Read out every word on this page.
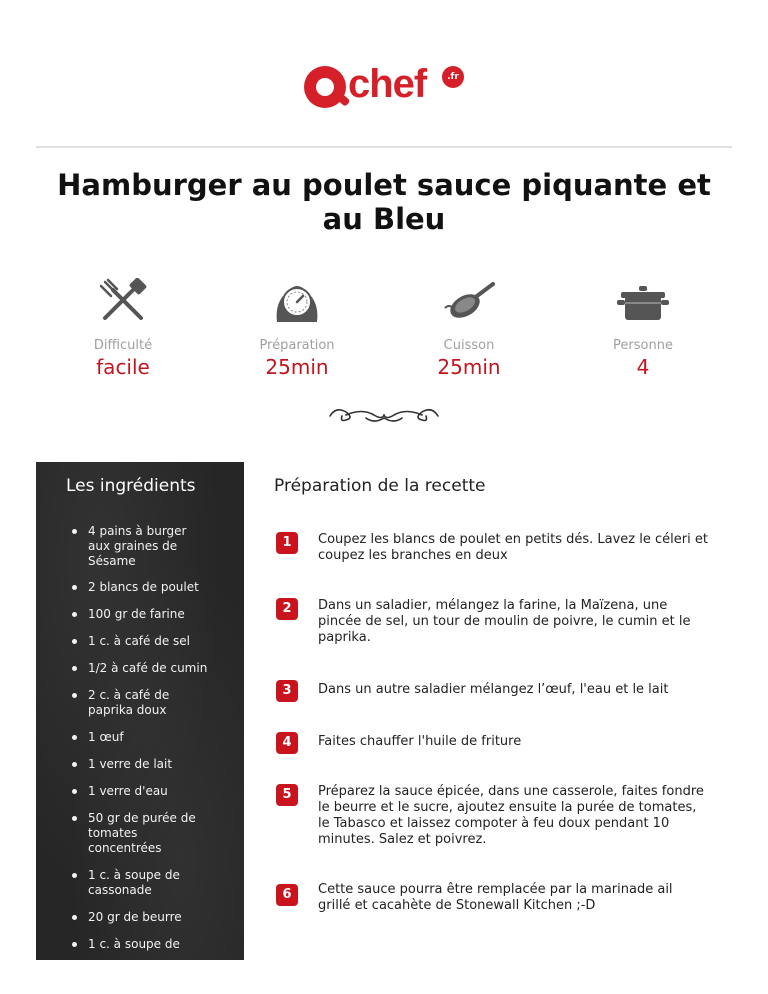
chef	.fr
Hamburger au poulet sauce piquante et au Bleu
Difficulté
facile
Préparation
25min
Cuisson
25min
Personne
4
Les ingrédients
4 pains à burger aux graines de Sésame
2 blancs de poulet
100 gr de farine
1 c. à café de sel
1/2 à café de cumin
2 c. à café de paprika doux
1 œuf
1 verre de lait
1 verre d'eau
50 gr de purée de tomates concentrées
1 c. à soupe de cassonade
20 gr de beurre
1 c. à soupe de
Préparation de la recette
1	Coupez les blancs de poulet en petits dés. Lavez le céleri et coupez les branches en deux
2	Dans un saladier, mélangez la farine, la Maïzena, une pincée de sel, un tour de moulin de poivre, le cumin et le paprika.
3	Dans un autre saladier mélangez l’œuf, l'eau et le lait
4	Faites chauffer l'huile de friture
5	Préparez la sauce épicée, dans une casserole, faites fondre le beurre et le sucre, ajoutez ensuite la purée de tomates, le Tabasco et laissez compoter à feu doux pendant 10 minutes. Salez et poivrez.
6	Cette sauce pourra être remplacée par la marinade ail grillé et cacahète de Stonewall Kitchen ;-D
